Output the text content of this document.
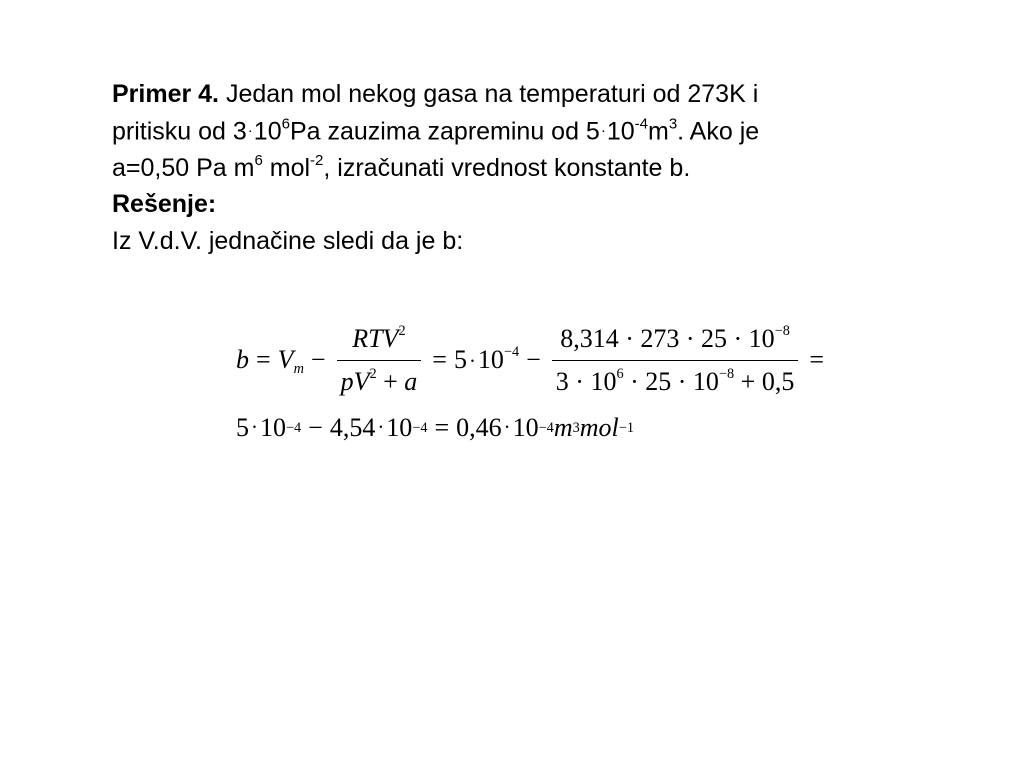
Primer 4. Jedan mol nekog gasa na temperaturi od 273K i
pritisku od $3\cdot 10^6Pa$ zauzima zapreminu od $5\cdot 10^{-4}m^3$. Ako je
a=0,50 Pa $m^6$ mol$^{-2}$, izračunati vrednost konstante b.
Rešenje:
Iz V.d.V. jednačine sledi da je b:
$b = V_m - \frac{RTV^2}{pV^2 + a} = 5\cdot 10^{-4} - \frac{8,314 \cdot 273 \cdot 25 \cdot 10^{-8}}{3 \cdot 10^6 \cdot 25 \cdot 10^{-8} + 0,5}$ =
5 · 10 −4 − 4,54 · 10 −4 = 0,46 · 10 −4 m 3 mol −1
